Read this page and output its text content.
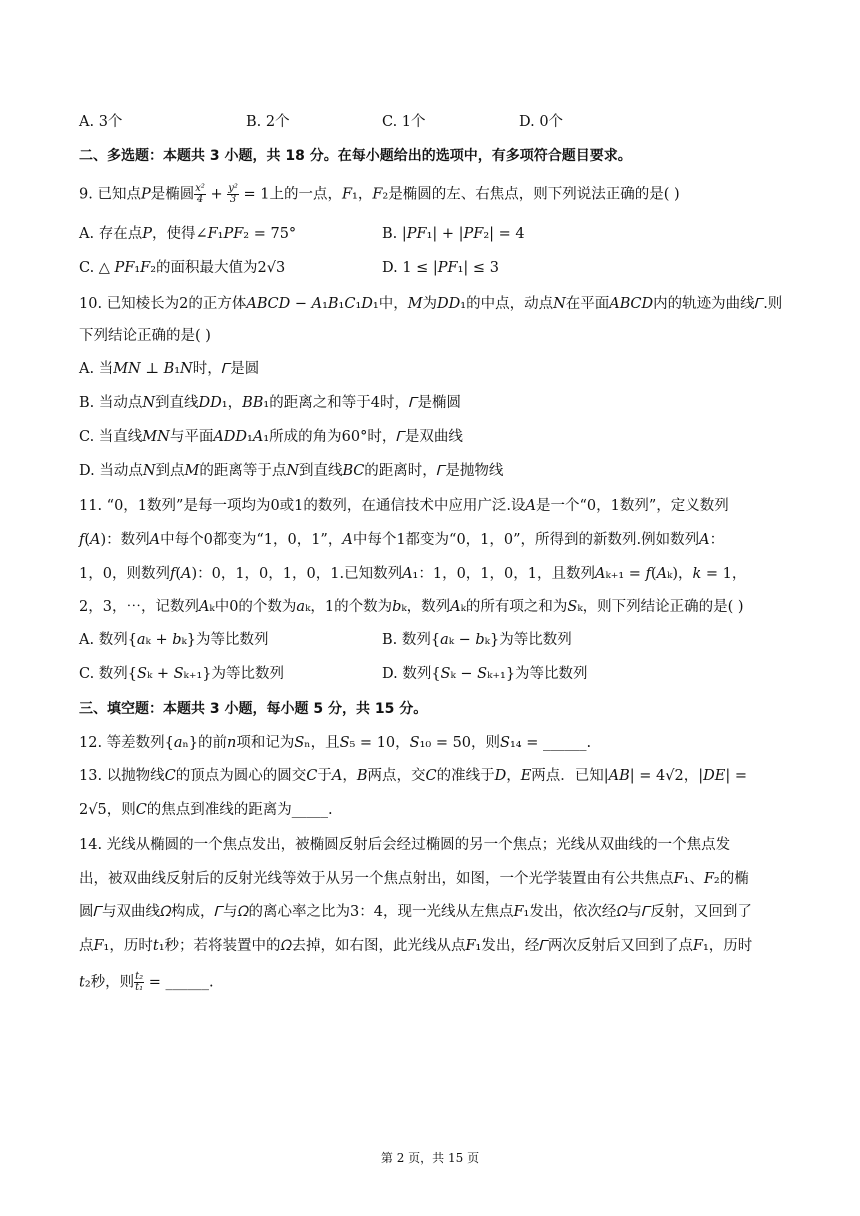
A. 3个	B. 2个	C. 1个	D. 0个
二、多选题：本题共 3 小题，共 18 分。在每小题给出的选项中，有多项符合题目要求。
9. 已知点𝑃是椭圆 $\frac{\text{𝑥²}}{4} + \frac{\text{𝑦²}}{3} = 1$上的一点，𝐹₁，𝐹₂是椭圆的左、右焦点，则下列说法正确的是( )
A. 存在点𝑃，使得∠𝐹₁𝑃𝐹₂ = 75°	B. |𝑃𝐹₁| + |𝑃𝐹₂| = 4
C. △ 𝑃𝐹₁𝐹₂的面积最大值为2√3	D. 1 ≤ |𝑃𝐹₁| ≤ 3
10. 已知棱长为2的正方体𝐴𝐵𝐶𝐷 − 𝐴₁𝐵₁𝐶₁𝐷₁中，𝑀为𝐷𝐷₁的中点，动点𝑁在平面𝐴𝐵𝐶𝐷内的轨迹为曲线𝛤.则
下列结论正确的是( )
A. 当𝑀𝑁 ⊥ 𝐵₁𝑁时，𝛤是圆
B. 当动点𝑁到直线𝐷𝐷₁，𝐵𝐵₁的距离之和等于4时，𝛤是椭圆
C. 当直线𝑀𝑁与平面𝐴𝐷𝐷₁𝐴₁所成的角为60°时，𝛤是双曲线
D. 当动点𝑁到点𝑀的距离等于点𝑁到直线𝐵𝐶的距离时，𝛤是抛物线
11. “0，1数列”是每一项均为0或1的数列，在通信技术中应用广泛.设𝐴是一个“0，1数列”，定义数列
𝑓(𝐴)：数列𝐴中每个0都变为“1，0，1”，𝐴中每个1都变为“0，1，0”，所得到的新数列.例如数列𝐴：
1，0，则数列𝑓(𝐴)：0，1，0，1，0，1.已知数列𝐴₁：1，0，1，0，1，且数列𝐴ₖ₊₁ = 𝑓(𝐴ₖ)，𝑘 = 1，
2，3，⋯，记数列𝐴ₖ中0的个数为𝑎ₖ，1的个数为𝑏ₖ，数列𝐴ₖ的所有项之和为𝑆ₖ，则下列结论正确的是( )
A. 数列{𝑎ₖ + 𝑏ₖ}为等比数列	B. 数列{𝑎ₖ − 𝑏ₖ}为等比数列
C. 数列{𝑆ₖ + 𝑆ₖ₊₁}为等比数列	D. 数列{𝑆ₖ − 𝑆ₖ₊₁}为等比数列
三、填空题：本题共 3 小题，每小题 5 分，共 15 分。
12. 等差数列{𝑎ₙ}的前𝑛项和记为𝑆ₙ，且𝑆₅ = 10，𝑆₁₀ = 50，则𝑆₁₄ = ______.
13. 以抛物线𝐶的顶点为圆心的圆交𝐶于𝐴，𝐵两点，交𝐶的准线于𝐷，𝐸两点．已知|𝐴𝐵| = 4√2，|𝐷𝐸| =
2√5，则𝐶的焦点到准线的距离为_____.
14. 光线从椭圆的一个焦点发出，被椭圆反射后会经过椭圆的另一个焦点；光线从双曲线的一个焦点发
出，被双曲线反射后的反射光线等效于从另一个焦点射出，如图，一个光学装置由有公共焦点𝐹₁、𝐹₂的椭
圆𝛤与双曲线𝛺构成，𝛤与𝛺的离心率之比为3：4，现一光线从左焦点𝐹₁发出，依次经𝛺与𝛤反射，又回到了
点𝐹₁，历时𝑡₁秒；若将装置中的𝛺去掉，如右图，此光线从点𝐹₁发出，经𝛤两次反射后又回到了点𝐹₁，历时
𝑡₂秒，则 $\frac{\text{𝑡₂}}{\text{𝑡₁}}$ = ______.
第 2 页，共 15 页
